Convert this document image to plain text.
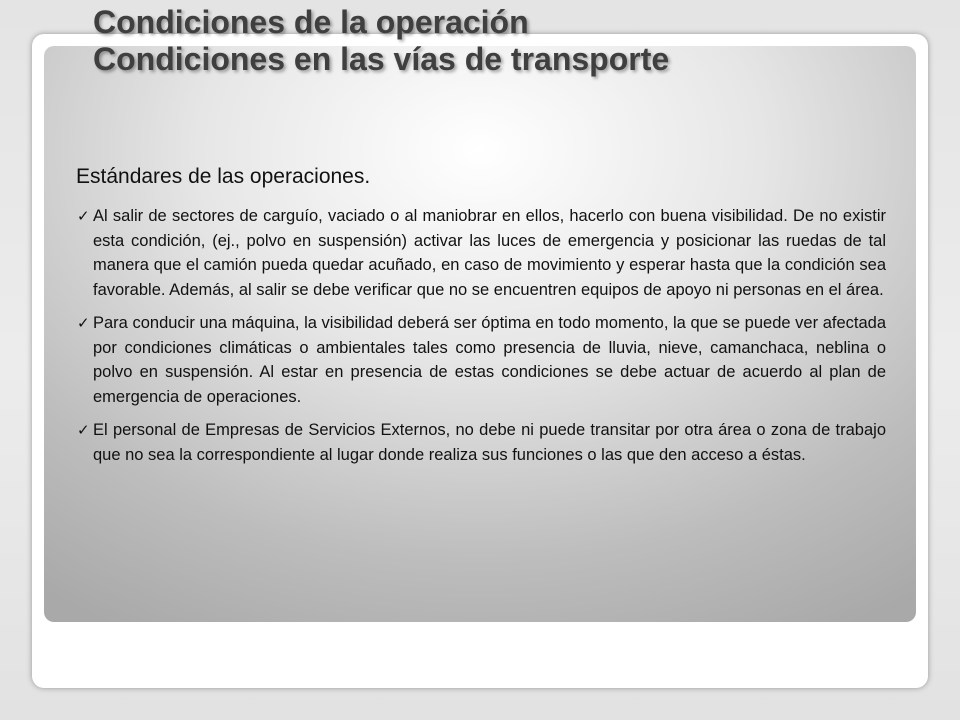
Condiciones de la operación
Condiciones en las vías de transporte

Estándares de las operaciones.

✓ Al salir de sectores de carguío, vaciado o al maniobrar en ellos, hacerlo con buena visibilidad. De no existir esta condición, (ej., polvo en suspensión) activar las luces de emergencia y posicionar las ruedas de tal manera que el camión pueda quedar acuñado, en caso de movimiento y esperar hasta que la condición sea favorable. Además, al salir se debe verificar que no se encuentren equipos de apoyo ni personas en el área.
✓ Para conducir una máquina, la visibilidad deberá ser óptima en todo momento, la que se puede ver afectada por condiciones climáticas o ambientales tales como presencia de lluvia, nieve, camanchaca, neblina o polvo en suspensión. Al estar en presencia de estas condiciones se debe actuar de acuerdo al plan de emergencia de operaciones.
✓ El personal de Empresas de Servicios Externos, no debe ni puede transitar por otra área o zona de trabajo que no sea la correspondiente al lugar donde realiza sus funciones o las que den acceso a éstas.
